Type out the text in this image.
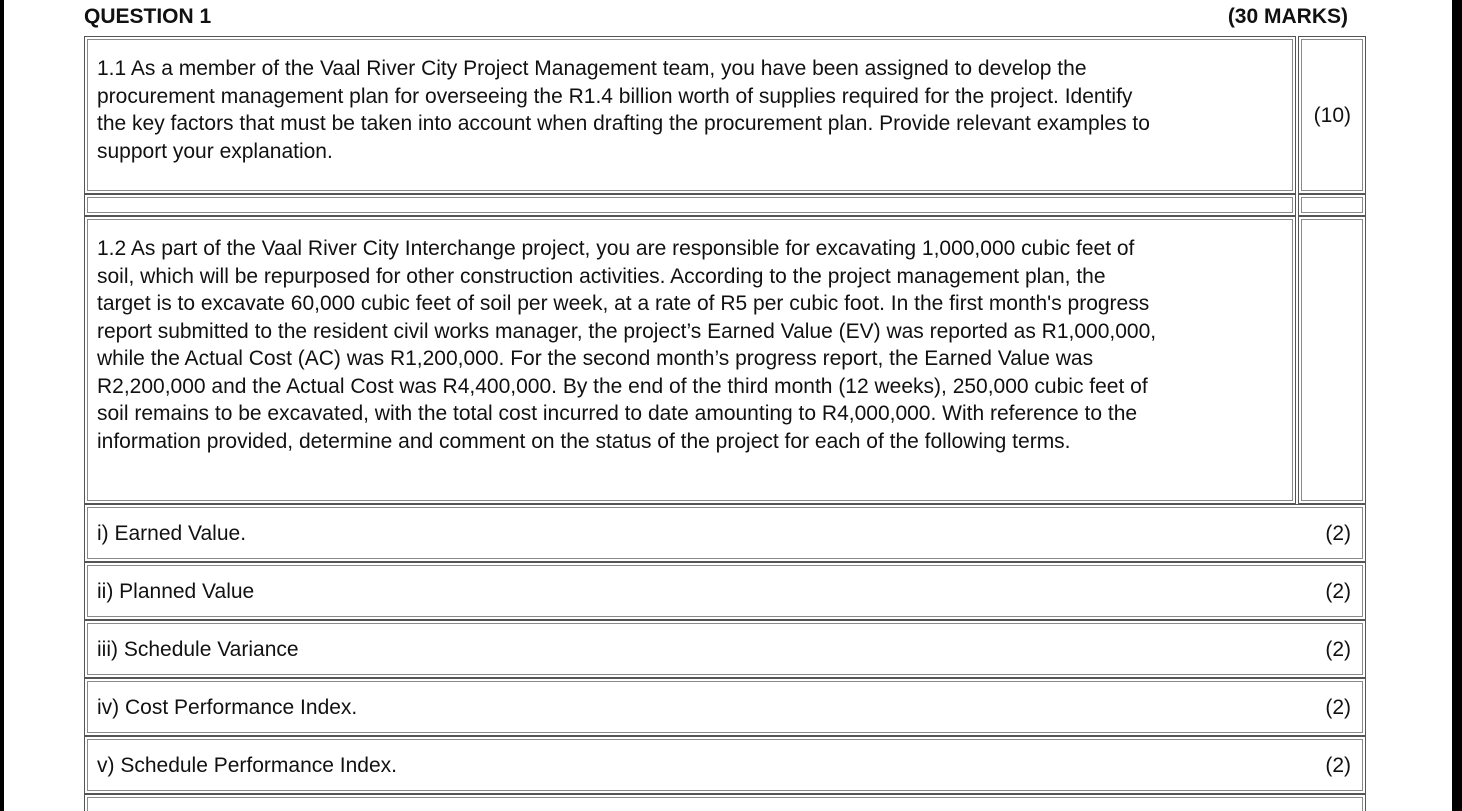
QUESTION 1	(30 MARKS)
1.1 As a member of the Vaal River City Project Management team, you have been assigned to develop the
procurement management plan for overseeing the R1.4 billion worth of supplies required for the project. Identify
the key factors that must be taken into account when drafting the procurement plan. Provide relevant examples to
support your explanation.
(10)
1.2 As part of the Vaal River City Interchange project, you are responsible for excavating 1,000,000 cubic feet of
soil, which will be repurposed for other construction activities. According to the project management plan, the
target is to excavate 60,000 cubic feet of soil per week, at a rate of R5 per cubic foot. In the first month's progress
report submitted to the resident civil works manager, the project’s Earned Value (EV) was reported as R1,000,000,
while the Actual Cost (AC) was R1,200,000. For the second month’s progress report, the Earned Value was
R2,200,000 and the Actual Cost was R4,400,000. By the end of the third month (12 weeks), 250,000 cubic feet of
soil remains to be excavated, with the total cost incurred to date amounting to R4,000,000. With reference to the
information provided, determine and comment on the status of the project for each of the following terms.
i) Earned Value.	(2)
ii) Planned Value	(2)
iii) Schedule Variance	(2)
iv) Cost Performance Index.	(2)
v) Schedule Performance Index.	(2)
